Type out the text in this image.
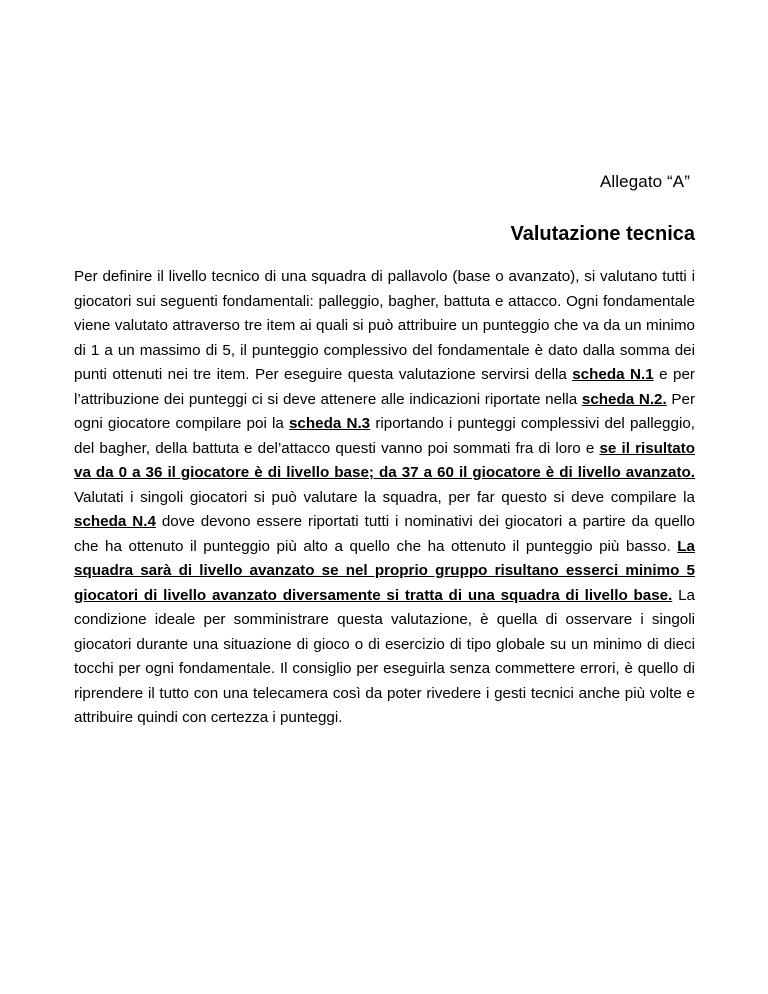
Allegato “A”
Valutazione tecnica

Per definire il livello tecnico di una squadra di pallavolo (base o avanzato), si valutano tutti i giocatori sui seguenti fondamentali: palleggio, bagher, battuta e attacco. Ogni fondamentale viene valutato attraverso tre item ai quali si può attribuire un punteggio che va da un minimo di 1 a un massimo di 5, il punteggio complessivo del fondamentale è dato dalla somma dei punti ottenuti nei tre item. Per eseguire questa valutazione servirsi della scheda N.1 e per l’attribuzione dei punteggi ci si deve attenere alle indicazioni riportate nella scheda N.2. Per ogni giocatore compilare poi la scheda N.3 riportando i punteggi complessivi del palleggio, del bagher, della battuta e del’attacco questi vanno poi sommati fra di loro e se il risultato va da 0 a 36 il giocatore è di livello base; da 37 a 60 il giocatore è di livello avanzato. Valutati i singoli giocatori si può valutare la squadra, per far questo si deve compilare la scheda N.4 dove devono essere riportati tutti i nominativi dei giocatori a partire da quello che ha ottenuto il punteggio più alto a quello che ha ottenuto il punteggio più basso. La squadra sarà di livello avanzato se nel proprio gruppo risultano esserci minimo 5 giocatori di livello avanzato diversamente si tratta di una squadra di livello base. La condizione ideale per somministrare questa valutazione, è quella di osservare i singoli giocatori durante una situazione di gioco o di esercizio di tipo globale su un minimo di dieci tocchi per ogni fondamentale. Il consiglio per eseguirla senza commettere errori, è quello di riprendere il tutto con una telecamera così da poter rivedere i gesti tecnici anche più volte e attribuire quindi con certezza i punteggi.
